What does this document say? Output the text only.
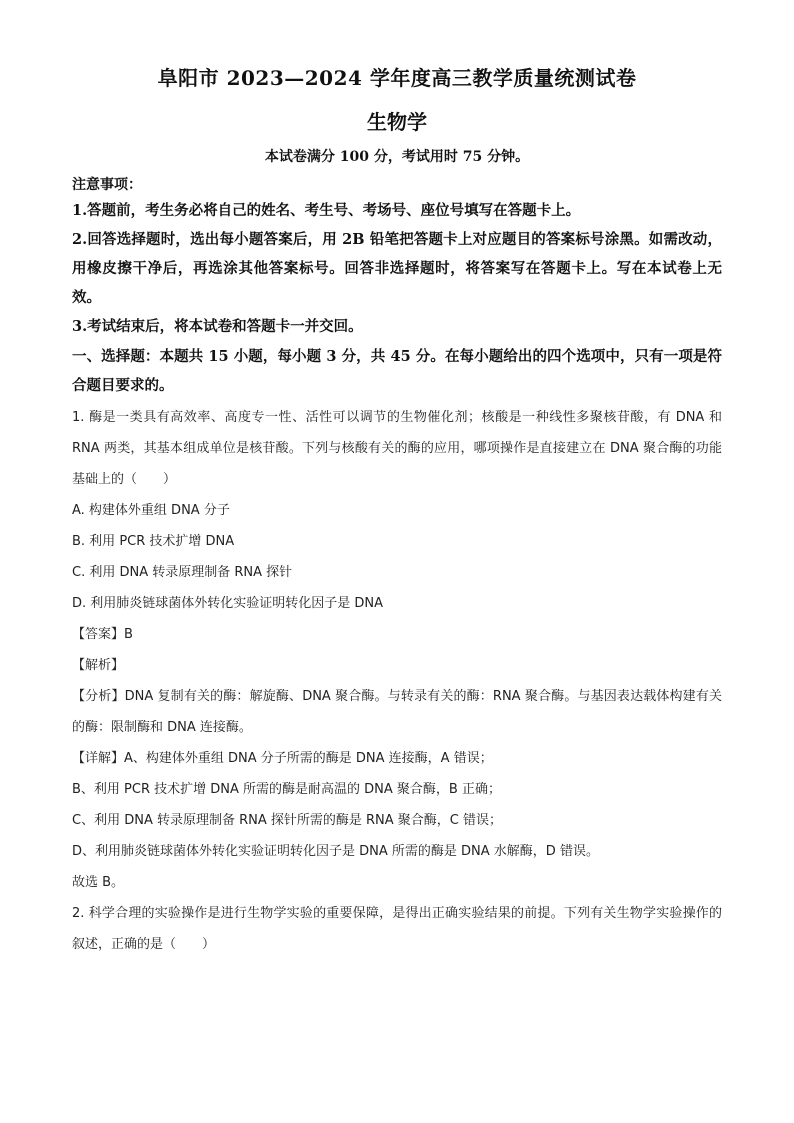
阜阳市 2023—2024 学年度高三教学质量统测试卷
生物学

本试卷满分 100 分，考试用时 75 分钟。

注意事项：

1.答题前，考生务必将自己的姓名、考生号、考场号、座位号填写在答题卡上。

2.回答选择题时，选出每小题答案后，用 2B 铅笔把答题卡上对应题目的答案标号涂黑。如需改动，用橡皮擦干净后，再选涂其他答案标号。回答非选择题时，将答案写在答题卡上。写在本试卷上无效。

3.考试结束后，将本试卷和答题卡一并交回。

一、选择题：本题共 15 小题，每小题 3 分，共 45 分。在每小题给出的四个选项中，只有一项是符合题目要求的。

1. 酶是一类具有高效率、高度专一性、活性可以调节的生物催化剂；核酸是一种线性多聚核苷酸，有 DNA 和 RNA 两类，其基本组成单位是核苷酸。下列与核酸有关的酶的应用，哪项操作是直接建立在 DNA 聚合酶的功能基础上的（　　）

A. 构建体外重组 DNA 分子

B. 利用 PCR 技术扩增 DNA

C. 利用 DNA 转录原理制备 RNA 探针

D. 利用肺炎链球菌体外转化实验证明转化因子是 DNA

【答案】B

【解析】

【分析】DNA 复制有关的酶：解旋酶、DNA 聚合酶。与转录有关的酶：RNA 聚合酶。与基因表达载体构建有关的酶：限制酶和 DNA 连接酶。

【详解】A、构建体外重组 DNA 分子所需的酶是 DNA 连接酶，A 错误；

B、利用 PCR 技术扩增 DNA 所需的酶是耐高温的 DNA 聚合酶，B 正确；

C、利用 DNA 转录原理制备 RNA 探针所需的酶是 RNA 聚合酶，C 错误；

D、利用肺炎链球菌体外转化实验证明转化因子是 DNA 所需的酶是 DNA 水解酶，D 错误。

故选 B。

2. 科学合理的实验操作是进行生物学实验的重要保障，是得出正确实验结果的前提。下列有关生物学实验操作的叙述，正确的是（　　）
